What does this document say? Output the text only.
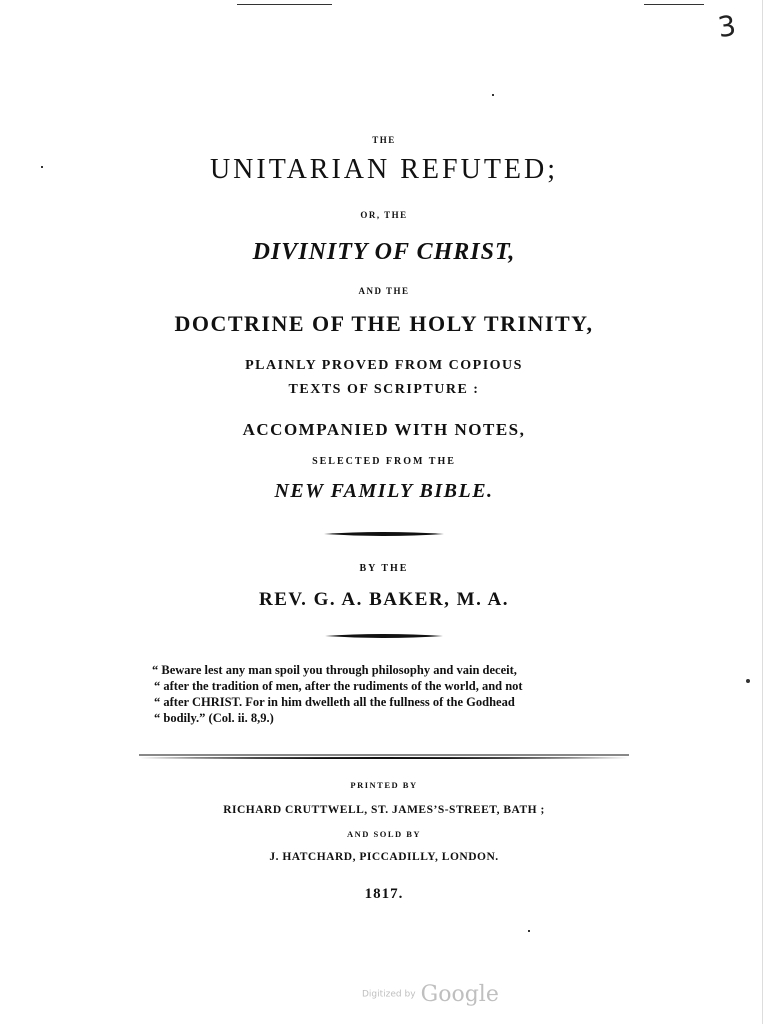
3
THE
UNITARIAN REFUTED;
OR, THE
DIVINITY OF CHRIST,
AND THE
DOCTRINE OF THE HOLY TRINITY,
PLAINLY PROVED FROM COPIOUS
TEXTS OF SCRIPTURE :
ACCOMPANIED WITH NOTES,
SELECTED FROM THE
NEW FAMILY BIBLE.
BY THE
REV. G. A. BAKER, M. A.
“ Beware lest any man spoil you through philosophy and vain deceit,
“ after the tradition of men, after the rudiments of the world, and not
“ after CHRIST. For in him dwelleth all the fullness of the Godhead
“ bodily.” (Col. ii. 8,9.)
PRINTED BY
RICHARD CRUTTWELL, ST. JAMES’S-STREET, BATH ;
AND SOLD BY
J. HATCHARD, PICCADILLY, LONDON.
1817.
Digitized by Google
